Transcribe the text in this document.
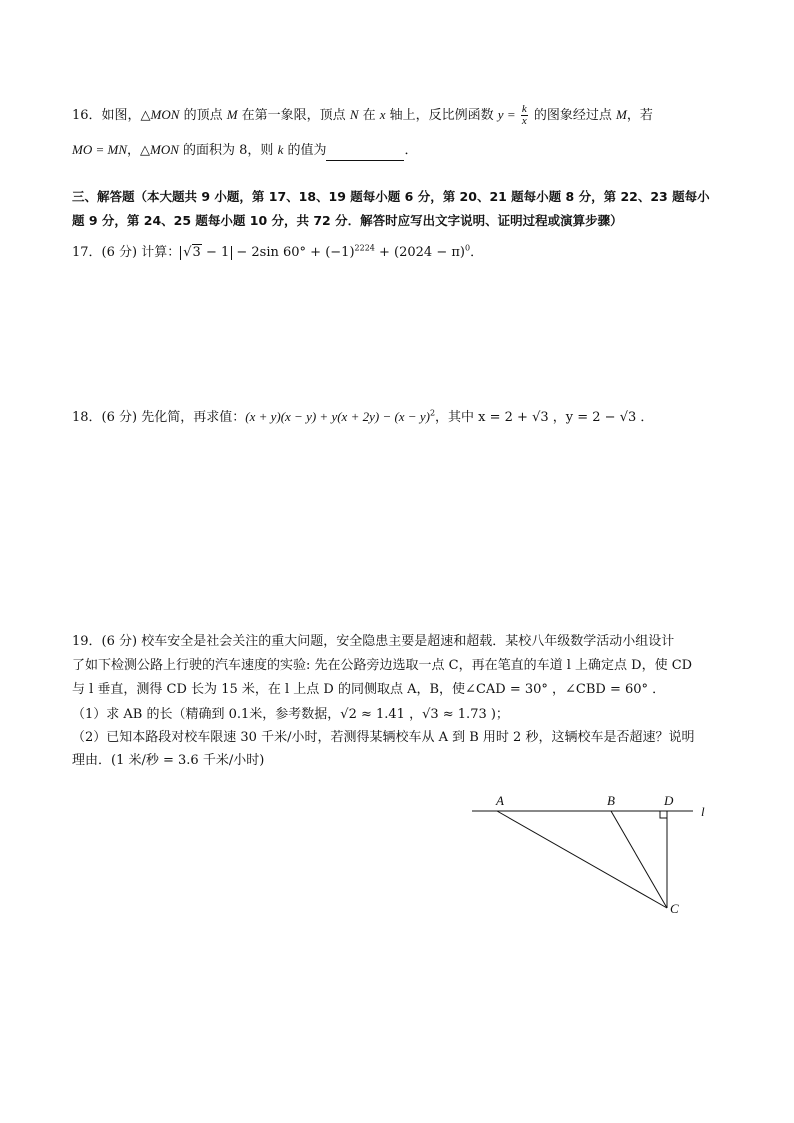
16．如图，△MON 的顶点 M 在第一象限，顶点 N 在 x 轴上，反比例函数 $y = \frac{k}{x}$ 的图象经过点 M，若
MO = MN，△MON 的面积为 8，则 k 的值为	．
三、解答题（本大题共 9 小题，第 17、18、19 题每小题 6 分，第 20、21 题每小题 8 分，第 22、23 题每小
题 9 分，第 24、25 题每小题 10 分，共 72 分．解答时应写出文字说明、证明过程或演算步骤）
17．(6 分) 计算： √3 − 1 − 2sin $60^\circ + (-1)^{2224} + (2024 - \pi)^0$．
18．(6 分) 先化简，再求值：$(x + y)(x - y) + y(x + 2y) - (x - y)^2$，其中 x = 2 + √3 ，y = 2 − √3 ．
19．(6 分) 校车安全是社会关注的重大问题，安全隐患主要是超速和超载．某校八年级数学活动小组设计
了如下检测公路上行驶的汽车速度的实验: 先在公路旁边选取一点 C，再在笔直的车道 l 上确定点 D，使 CD
与 l 垂直，测得 CD 长为 15 米，在 l 上点 D 的同侧取点 A，B，使∠CAD = 30° ，∠CBD = 60° ．
（1）求 AB 的长（精确到 0.1米，参考数据，√2 ≈ 1.41 ，√3 ≈ 1.73 )；
（2）已知本路段对校车限速 30 千米/小时，若测得某辆校车从 A 到 B 用时 2 秒，这辆校车是否超速？说明
理由．(1 米/秒 = 3.6 千米/小时)
A	B	D
l
C
